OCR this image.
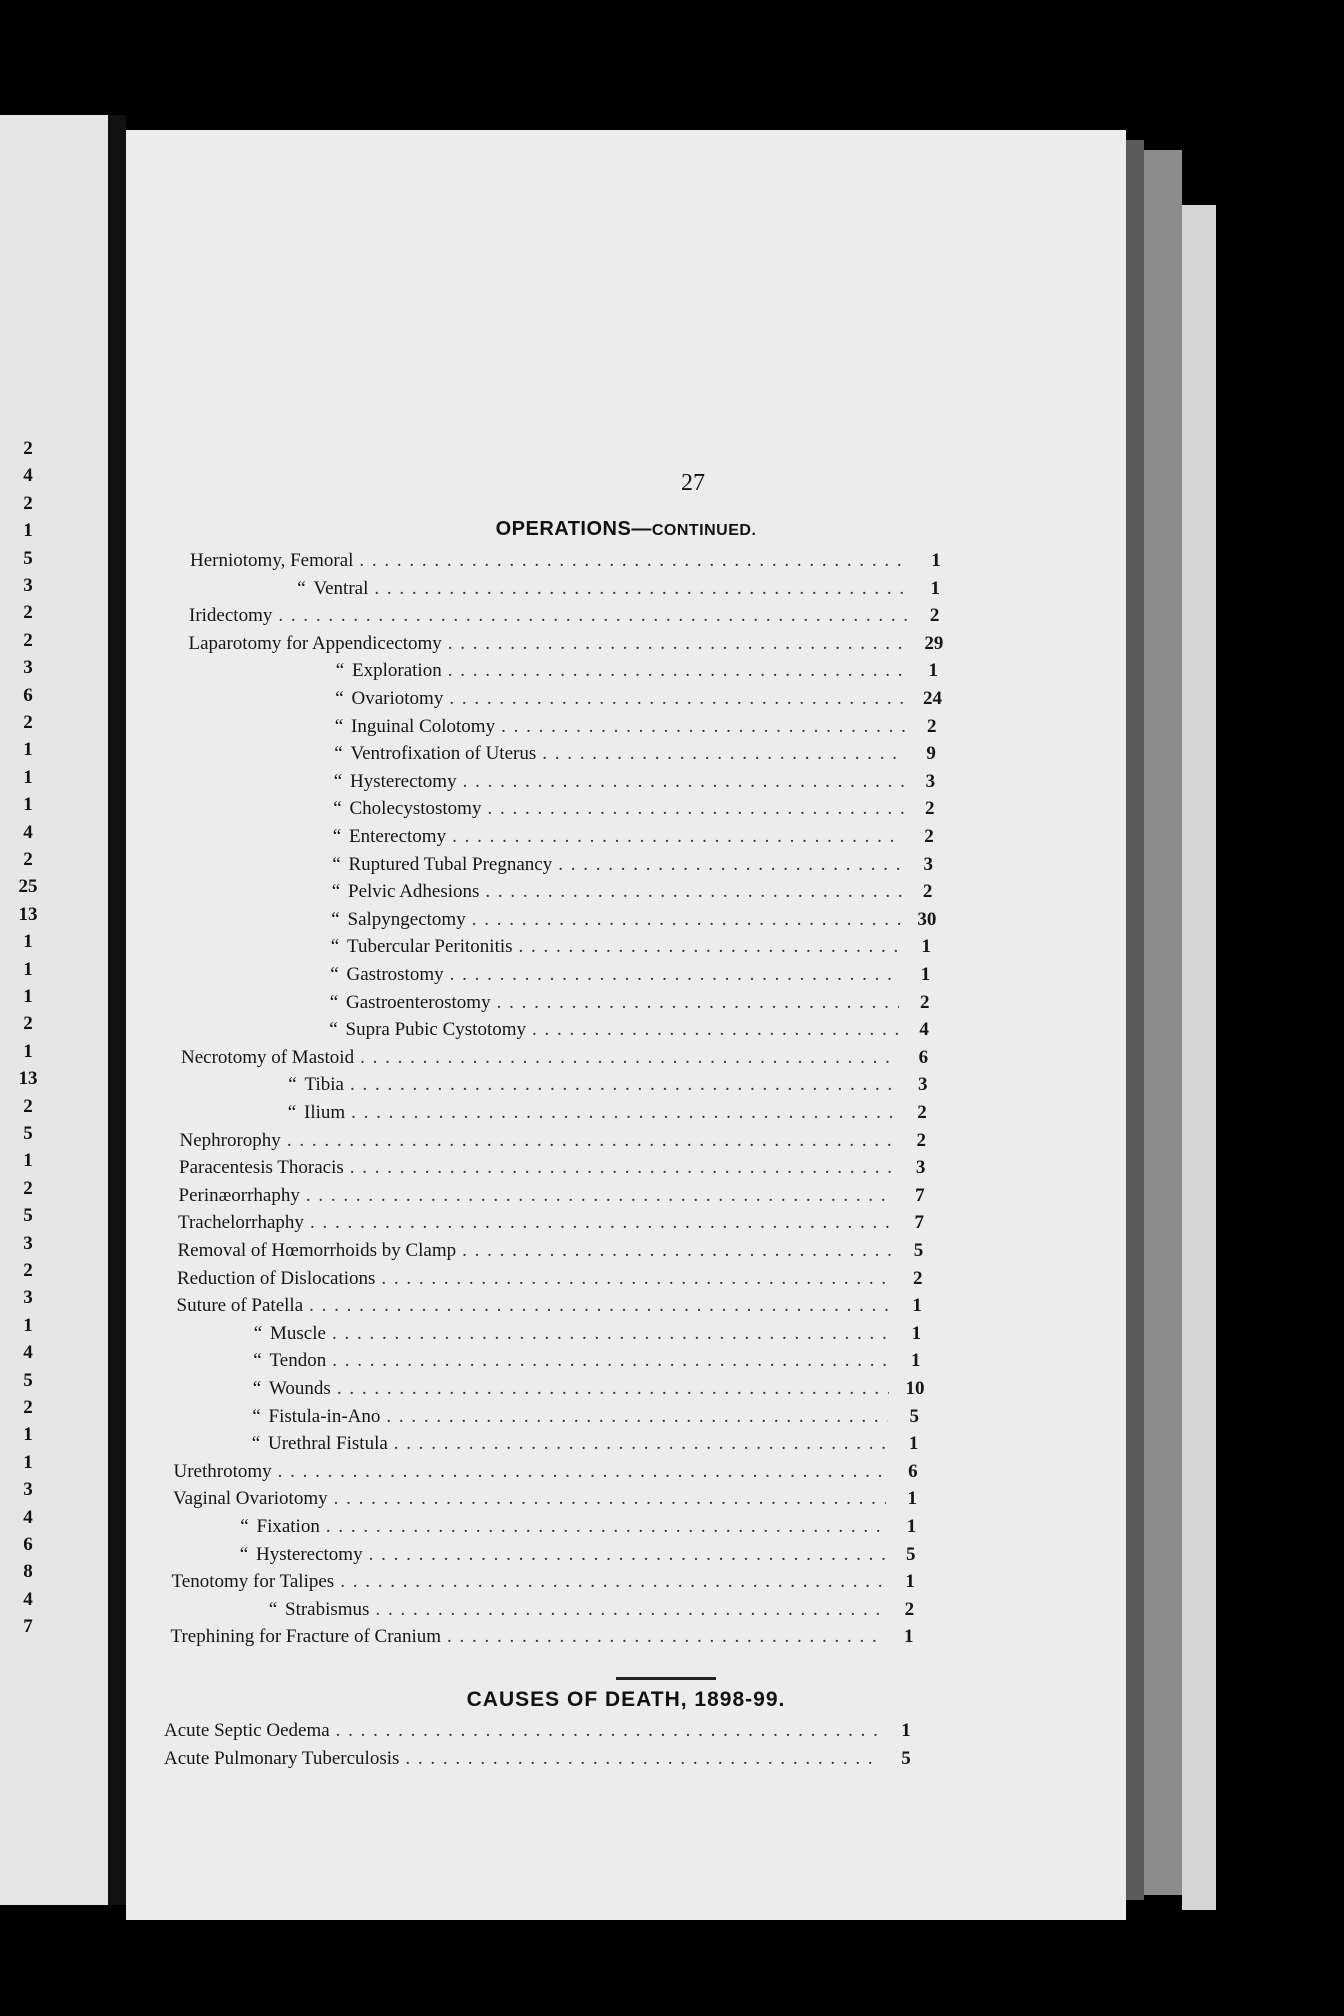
2
4
2
1
5
3
2
2
3
6
2
1
1
1
4
2
25
13
1
1
1
2
1
13
2
5
1
2
5
3
2
3
1
4
5
2
1
1
3
4
6
8
4
7
27
OPERATIONS—CONTINUED.
Herniotomy, Femoral . . .	1
“ Ventral . . .	1
Iridectomy . . .	2
Laparotomy for Appendicectomy . . .	29
“ Exploration . . .	1
“ Ovariotomy . . .	24
“ Inguinal Colotomy . . .	2
“ Ventrofixation of Uterus . . .	9
“ Hysterectomy . . .	3
“ Cholecystostomy . . .	2
“ Enterectomy . . .	2
“ Ruptured Tubal Pregnancy . . .	3
“ Pelvic Adhesions . . .	2
“ Salpyngectomy . . .	30
“ Tubercular Peritonitis . . .	1
“ Gastrostomy . . .	1
“ Gastroenterostomy . . .	2
“ Supra Pubic Cystotomy . . .	4
Necrotomy of Mastoid . . .	6
“ Tibia . . .	3
“ Ilium . . .	2
Nephrorophy . . .	2
Paracentesis Thoracis . . .	3
Perinæorrhaphy . . .	7
Trachelorrhaphy . . .	7
Removal of Hœmorrhoids by Clamp . . .	5
Reduction of Dislocations . . .	2
Suture of Patella . . .	1
“ Muscle . . .	1
“ Tendon . . .	1
“ Wounds . . .	10
“ Fistula-in-Ano . . .	5
“ Urethral Fistula . . .	1
Urethrotomy . . .	6
Vaginal Ovariotomy . . .	1
“ Fixation . . .	1
“ Hysterectomy . . .	5
Tenotomy for Talipes . . .	1
“ Strabismus . . .	2
Trephining for Fracture of Cranium . . .	1
CAUSES OF DEATH, 1898-99.
Acute Septic Oedema . . .	1
Acute Pulmonary Tuberculosis . . .	5
